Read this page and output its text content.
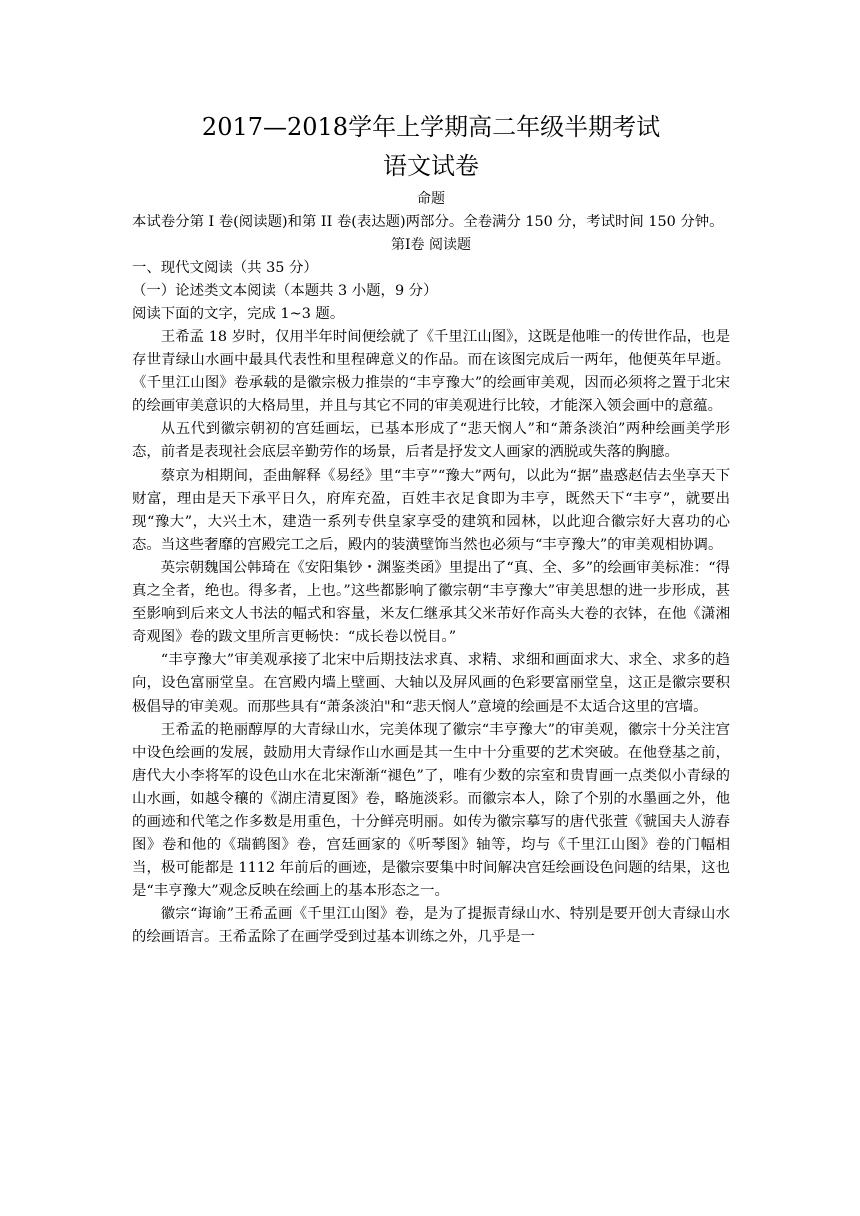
2017—2018学年上学期高二年级半期考试
语文试卷

命题

本试卷分第 I 卷(阅读题)和第 II 卷(表达题)两部分。全卷满分 150 分，考试时间 150 分钟。

第Ⅰ卷 阅读题

一、现代文阅读（共 35 分）

（一）论述类文本阅读（本题共 3 小题，9 分）

阅读下面的文字，完成 1~3 题。

王希孟 18 岁时，仅用半年时间便绘就了《千里江山图》，这既是他唯一的传世作品，也是存世青绿山水画中最具代表性和里程碑意义的作品。而在该图完成后一两年，他便英年早逝。《千里江山图》卷承载的是徽宗极力推崇的“丰亨豫大”的绘画审美观，因而必须将之置于北宋的绘画审美意识的大格局里，并且与其它不同的审美观进行比较，才能深入领会画中的意蕴。

从五代到徽宗朝初的宫廷画坛，已基本形成了“悲天悯人”和“萧条淡泊”两种绘画美学形态，前者是表现社会底层辛勤劳作的场景，后者是抒发文人画家的洒脱或失落的胸臆。

蔡京为相期间，歪曲解释《易经》里“丰亨”“豫大”两句，以此为“据”蛊惑赵佶去坐享天下财富，理由是天下承平日久，府库充盈，百姓丰衣足食即为丰亨，既然天下“丰亨”，就要出现“豫大”，大兴土木，建造一系列专供皇家享受的建筑和园林，以此迎合徽宗好大喜功的心态。当这些奢靡的宫殿完工之后，殿内的装潢壁饰当然也必须与“丰亨豫大”的审美观相协调。

英宗朝魏国公韩琦在《安阳集钞・渊鉴类函》里提出了“真、全、多”的绘画审美标准：“得真之全者，绝也。得多者，上也。”这些都影响了徽宗朝“丰亨豫大”审美思想的进一步形成，甚至影响到后来文人书法的幅式和容量，米友仁继承其父米芾好作高头大卷的衣钵，在他《潇湘奇观图》卷的跋文里所言更畅快：“成长卷以悦目。”

“丰亨豫大”审美观承接了北宋中后期技法求真、求精、求细和画面求大、求全、求多的趋向，设色富丽堂皇。在宫殿内墙上壁画、大轴以及屏风画的色彩要富丽堂皇，这正是徽宗要积极倡导的审美观。而那些具有“萧条淡泊"和“悲天悯人”意境的绘画是不太适合这里的宫墙。

王希孟的艳丽醇厚的大青绿山水，完美体现了徽宗“丰亨豫大”的审美观，徽宗十分关注宫中设色绘画的发展，鼓励用大青绿作山水画是其一生中十分重要的艺术突破。在他登基之前，唐代大小李将军的设色山水在北宋渐渐“褪色”了，唯有少数的宗室和贵胄画一点类似小青绿的山水画，如越令穰的《湖庄清夏图》卷，略施淡彩。而徽宗本人，除了个别的水墨画之外，他的画迹和代笔之作多数是用重色，十分鲜亮明丽。如传为徽宗摹写的唐代张萱《虢国夫人游春图》卷和他的《瑞鹤图》卷，宫廷画家的《听琴图》轴等，均与《千里江山图》卷的门幅相当，极可能都是 1112 年前后的画迹，是徽宗要集中时间解决宫廷绘画设色问题的结果，这也是“丰亨豫大”观念反映在绘画上的基本形态之一。

徽宗“诲谕”王希孟画《千里江山图》卷，是为了提振青绿山水、特别是要开创大青绿山水的绘画语言。王希孟除了在画学受到过基本训练之外，几乎是一
